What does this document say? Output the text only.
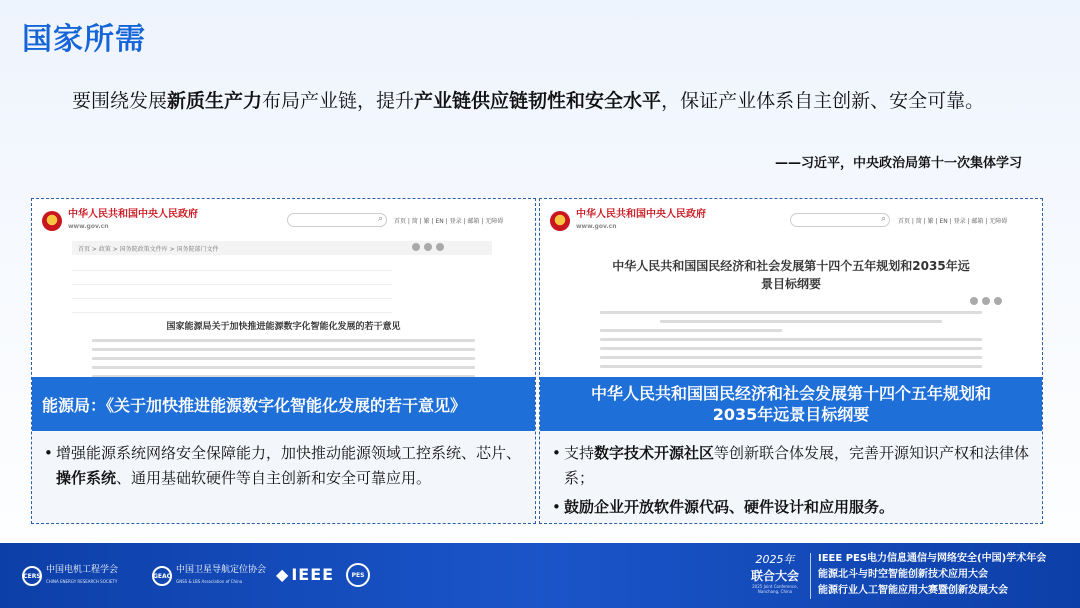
国家所需
要围绕发展新质生产力布局产业链，提升产业链供应链韧性和安全水平，保证产业体系自主创新、安全可靠。
——习近平，中央政治局第十一次集体学习
中华人民共和国中央人民政府
www.gov.cn
⌕ 首页 | 简 | 繁 | EN | 登录 | 邮箱 | 无障碍
首页 > 政策 > 国务院政策文件库 > 国务院部门文件
国家能源局关于加快推进能源数字化智能化发展的若干意见
能源局：《关于加快推进能源数字化智能化发展的若干意见》
• 增强能源系统网络安全保障能力，加快推动能源领域工控系统、芯片、操作系统、通用基础软硬件等自主创新和安全可靠应用。
中华人民共和国中央人民政府
www.gov.cn
⌕ 首页 | 简 | 繁 | EN | 登录 | 邮箱 | 无障碍
中华人民共和国国民经济和社会发展第十四个五年规划和2035年远景目标纲要
中华人民共和国国民经济和社会发展第十四个五年规划和
2035年远景目标纲要
• 支持数字技术开源社区等创新联合体发展，完善开源知识产权和法律体系；
• 鼓励企业开放软件源代码、硬件设计和应用服务。
CERS
中国电机工程学会
CHINA ENERGY RESEARCH SOCIETY
GEAC
中国卫星导航定位协会
GNSS & LBS Association of China	◆ IEEE	PES
2025年
联合大会
2025 Joint Conference, Nanchang, China
IEEE PES电力信息通信与网络安全(中国)学术年会
能源北斗与时空智能创新技术应用大会
能源行业人工智能应用大赛暨创新发展大会
